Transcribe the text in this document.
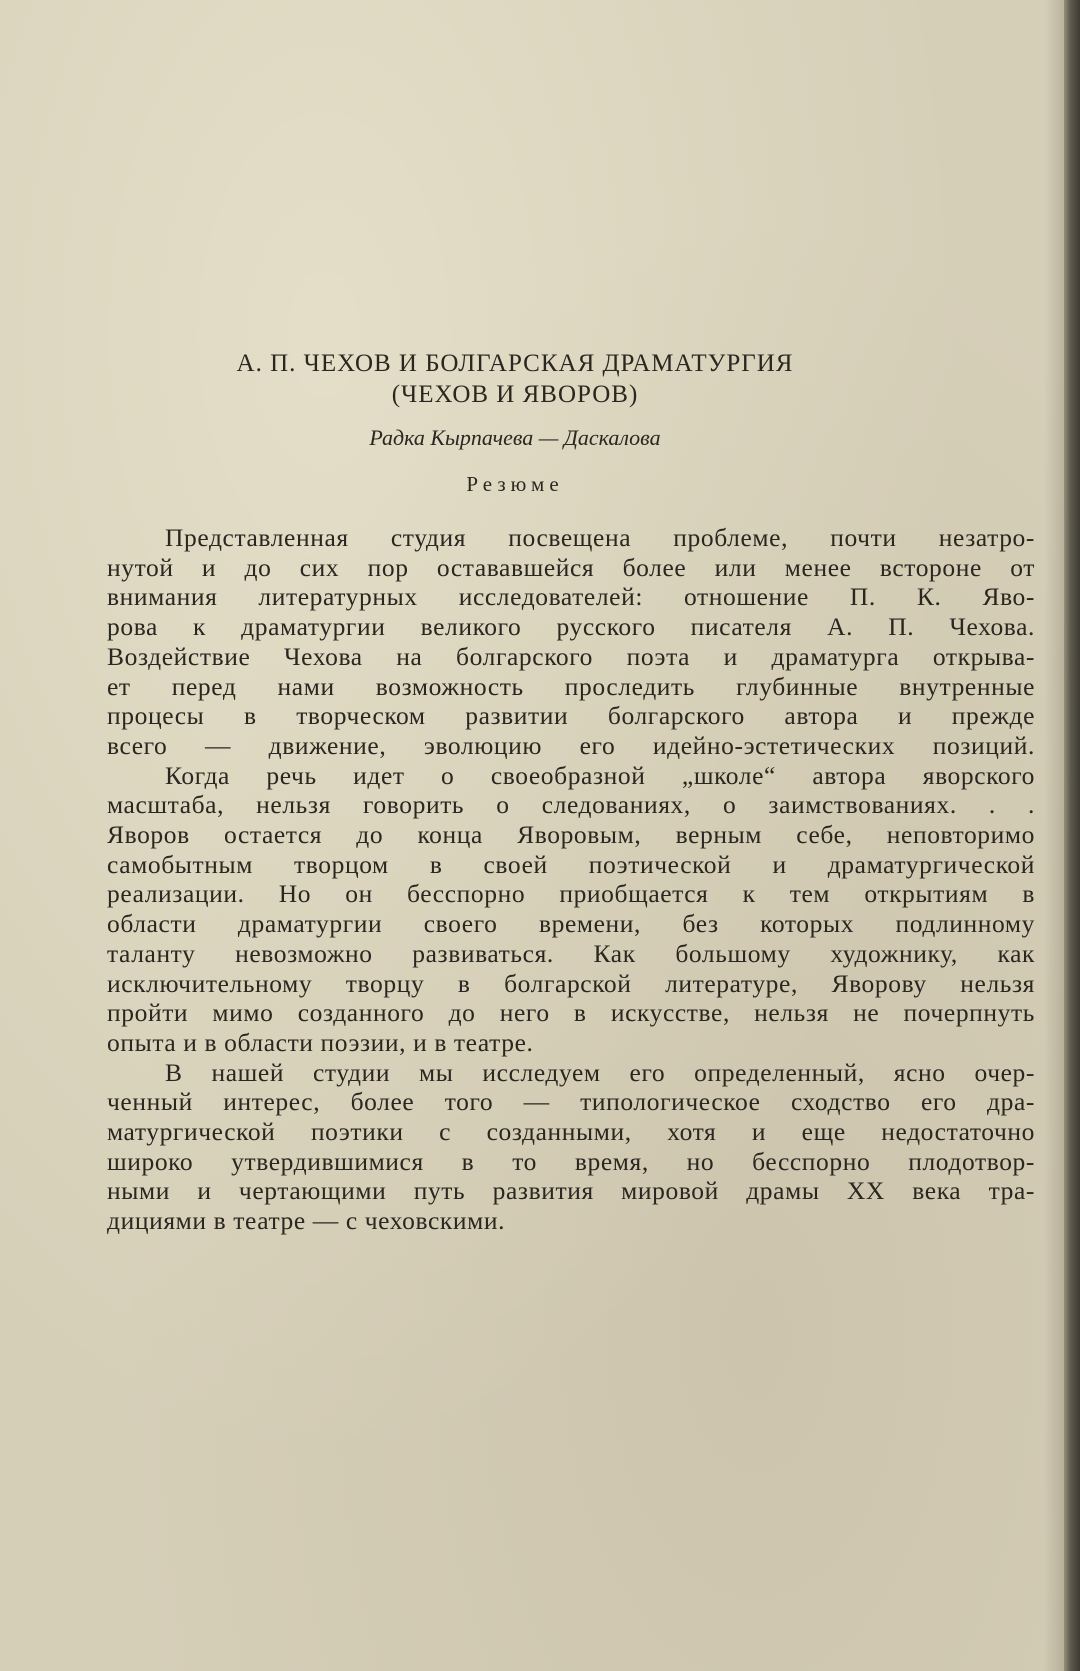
А. П. ЧЕХОВ И БОЛГАРСКАЯ ДРАМАТУРГИЯ
(ЧЕХОВ И ЯВОРОВ)
Радка Кырпачева — Даскалова
Резюме
Представленная студия посвещена проблеме, почти незатро-
нутой и до сих пор остававшейся более или менее встороне от
внимания литературных исследователей: отношение П. К. Яво-
рова к драматургии великого русского писателя А. П. Чехова.
Воздействие Чехова на болгарского поэта и драматурга открыва-
ет перед нами возможность проследить глубинные внутренные
процесы в творческом развитии болгарского автора и прежде
всего — движение, эволюцию его идейно-эстетических позиций.
Когда речь идет о своеобразной „школе“ автора яворского
масштаба, нельзя говорить о следованиях, о заимствованиях. . .
Яворов остается до конца Яворовым, верным себе, неповторимо
самобытным творцом в своей поэтической и драматургической
реализации. Но он бесспорно приобщается к тем открытиям в
области драматургии своего времени, без которых подлинному
таланту невозможно развиваться. Как большому художнику, как
исключительному творцу в болгарской литературе, Яворову нельзя
пройти мимо созданного до него в искусстве, нельзя не почерпнуть
опыта и в области поэзии, и в театре.
В нашей студии мы исследуем его определенный, ясно очер-
ченный интерес, более того — типологическое сходство его дра-
матургической поэтики с созданными, хотя и еще недостаточно
широко утвердившимися в то время, но бесспорно плодотвор-
ными и чертающими путь развития мировой драмы XX века тра-
дициями в театре — с чеховскими.
